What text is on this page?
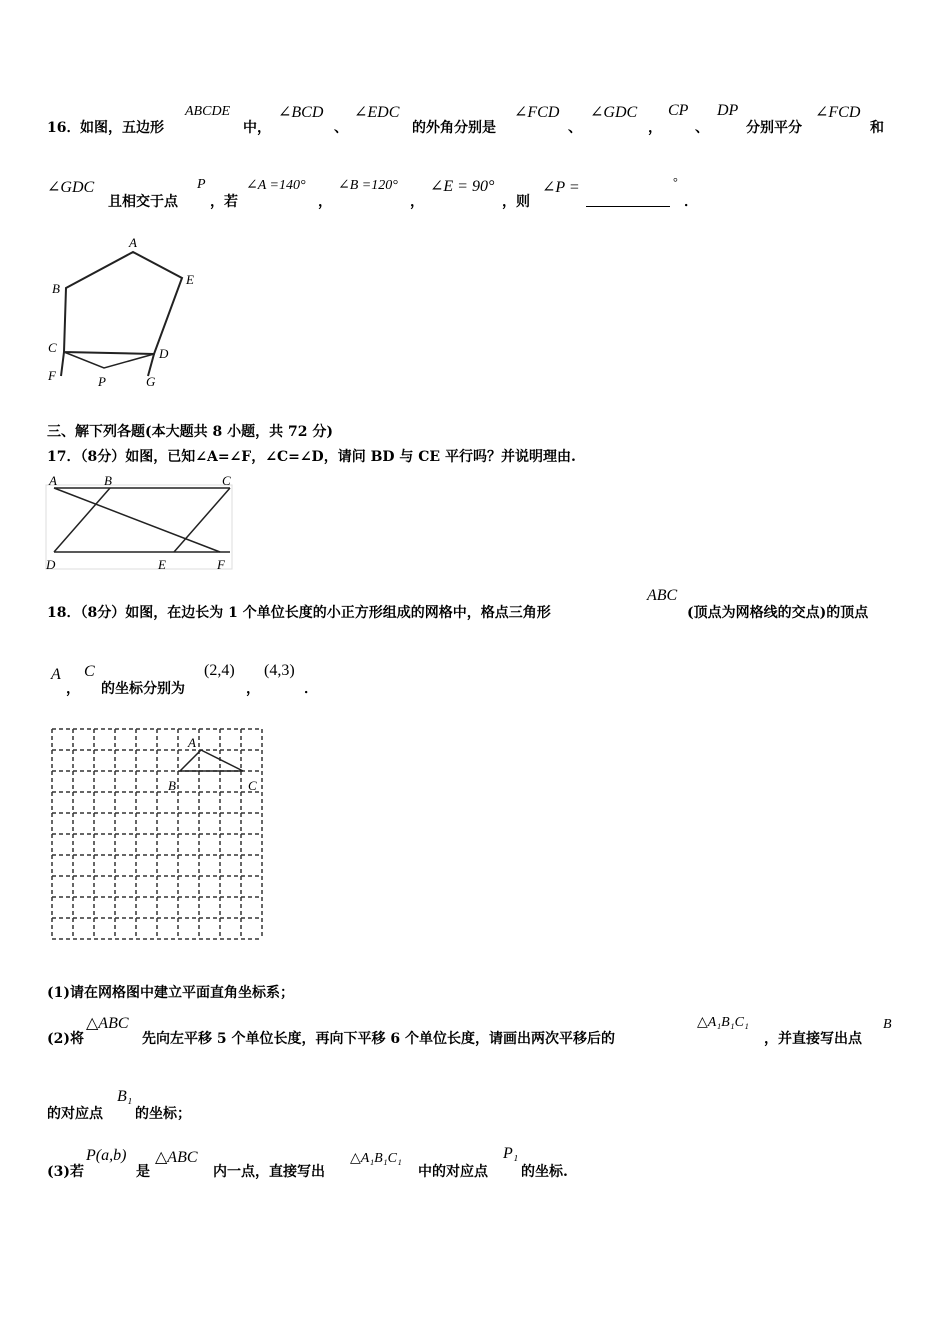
16． 如图，五边形
ABCDE
中，
∠BCD
、
∠EDC
的外角分别是
∠FCD
、
∠GDC
，
CP
、
DP
分别平分
∠FCD
和
∠GDC
且相交于点
P
，若
∠A =140°
，
∠B =120°
，
∠E = 90°
，则
∠P =	°
．
A
B
C	D
E
F	G
P
三、解下列各题(本大题共 8 小题，共 72 分)
17．（8分）如图，已知∠A=∠F，∠C=∠D，请问 BD 与 CE 平行吗？并说明理由.
A	B	C
D	E	F
18．（8分）如图，在边长为 1 个单位长度的小正方形组成的网格中，格点三角形
ABC
(顶点为网格线的交点)的顶点
A
，
C
的坐标分别为
(2,4)
，
(4,3)
．
A
B	C
(1)请在网格图中建立平面直角坐标系；
(2)将
△ABC
先向左平移 5 个单位长度，再向下平移 6 个单位长度，请画出两次平移后的
△A₁B₁C₁
，并直接写出点
B
的对应点
B₁
的坐标；
(3)若
P(a,b)
是
△ABC
内一点，直接写出
△A₁B₁C₁
中的对应点
P₁
的坐标.
